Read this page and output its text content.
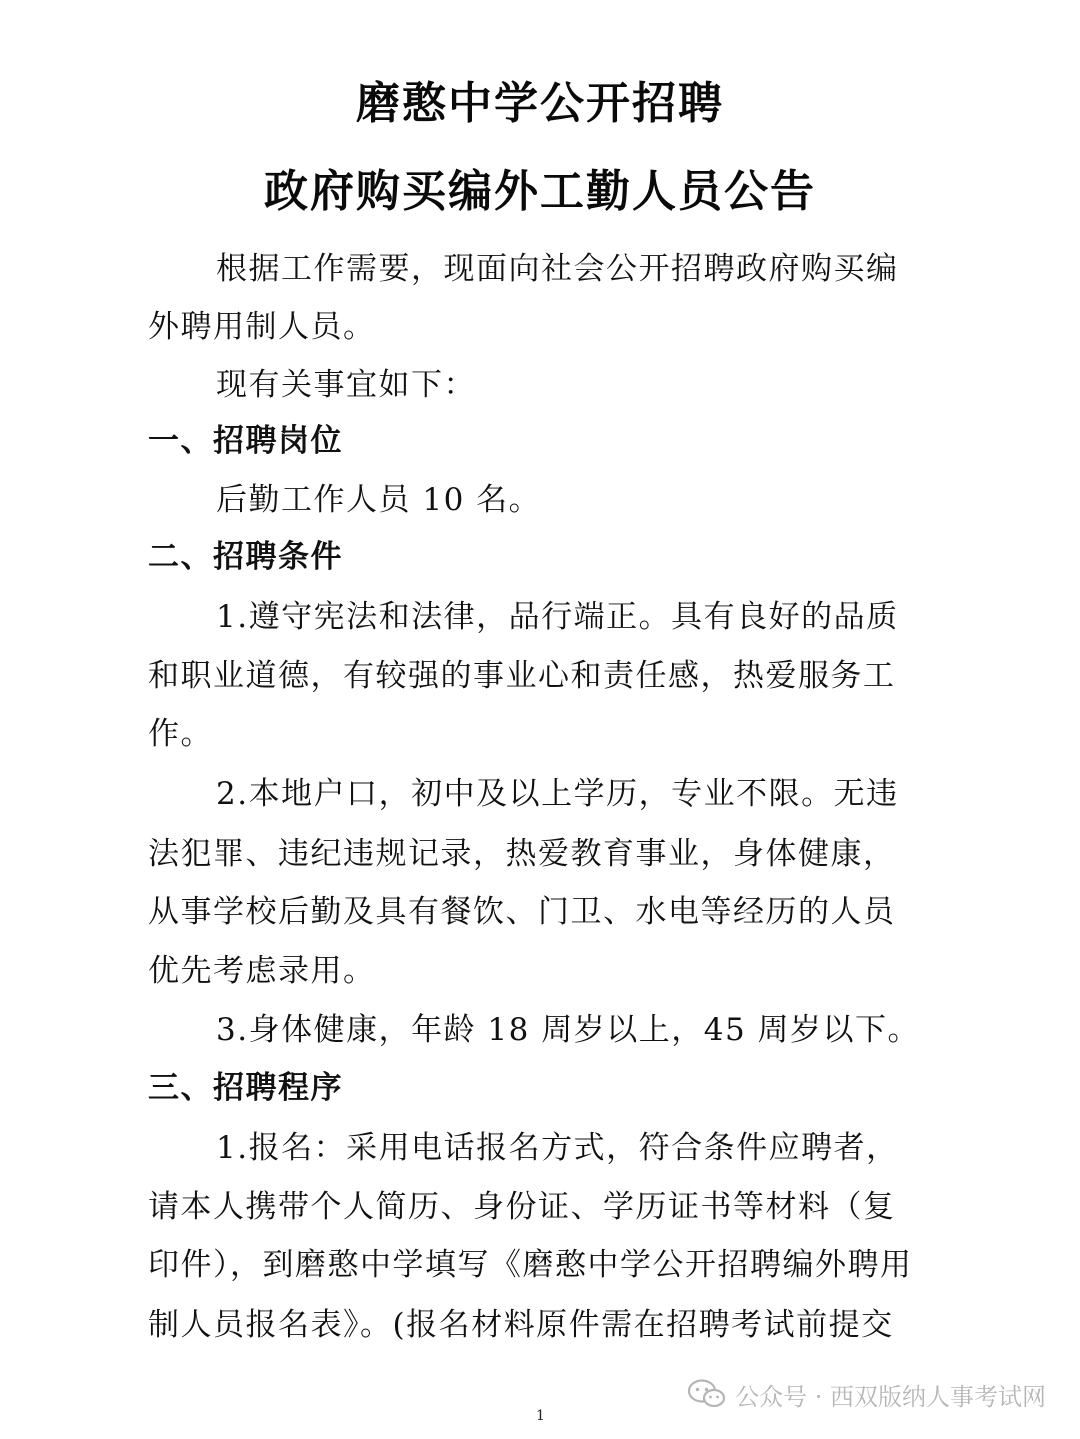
磨憨中学公开招聘
政府购买编外工勤人员公告
根据工作需要，现面向社会公开招聘政府购买编
外聘用制人员。
现有关事宜如下：
一、招聘岗位
后勤工作人员 10 名。
二、招聘条件
1.遵守宪法和法律，品行端正。具有良好的品质
和职业道德，有较强的事业心和责任感，热爱服务工
作。
2.本地户口，初中及以上学历，专业不限。无违
法犯罪、违纪违规记录，热爱教育事业，身体健康，
从事学校后勤及具有餐饮、门卫、水电等经历的人员
优先考虑录用。
3.身体健康，年龄 18 周岁以上，45 周岁以下。
三、招聘程序
1.报名：采用电话报名方式，符合条件应聘者，
请本人携带个人简历、身份证、学历证书等材料（复
印件），到磨憨中学填写《磨憨中学公开招聘编外聘用
制人员报名表》。(报名材料原件需在招聘考试前提交
1
公众号 · 西双版纳人事考试网
